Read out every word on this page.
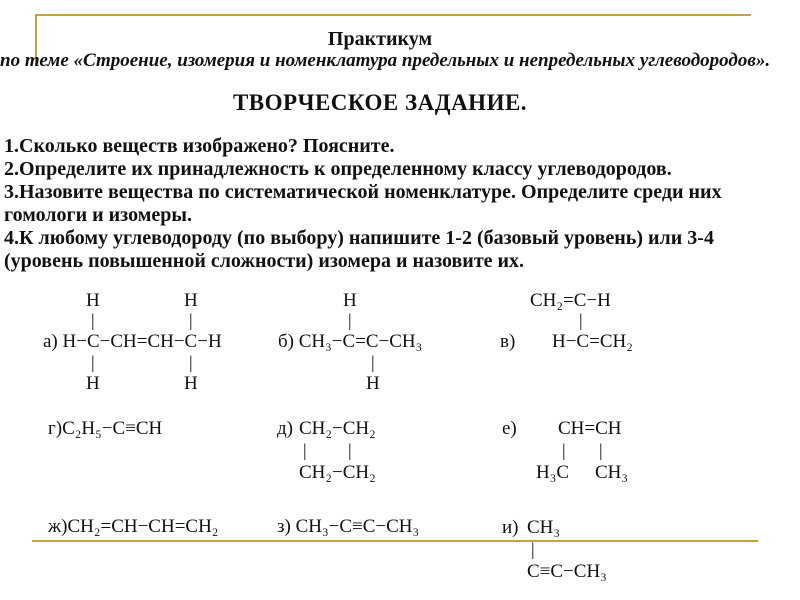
Практикум
по теме «Строение, изомерия и номенклатура предельных и непредельных углеводородов».
ТВОРЧЕСКОЕ ЗАДАНИЕ.
1.Сколько веществ изображено? Поясните.
2.Определите их принадлежность к определенному классу углеводородов.
3.Назовите вещества по систематической номенклатуре. Определите среди них
гомологи и изомеры.
4.К любому углеводороду (по выбору) напишите 1-2 (базовый уровень) или 3-4
(уровень повышенной сложности) изомера и назовите их.
H	H
|	|
а) H−C−CH=CH−C−H
|	|
H	H
H
|
б) CH₃−C=C−CH₃
|
H
CH₂=C−H
|
в) H−C=CH₂
г)C₂H₅−C≡CH	д) CH₂−CH₂
| |
CH₂−CH₂
е) CH=CH
| |
H₃C CH₃
ж)CH₂=CH−CH=CH₂	з) CH₃−C≡C−CH₃	и) CH₃
|
C≡C−CH₃
